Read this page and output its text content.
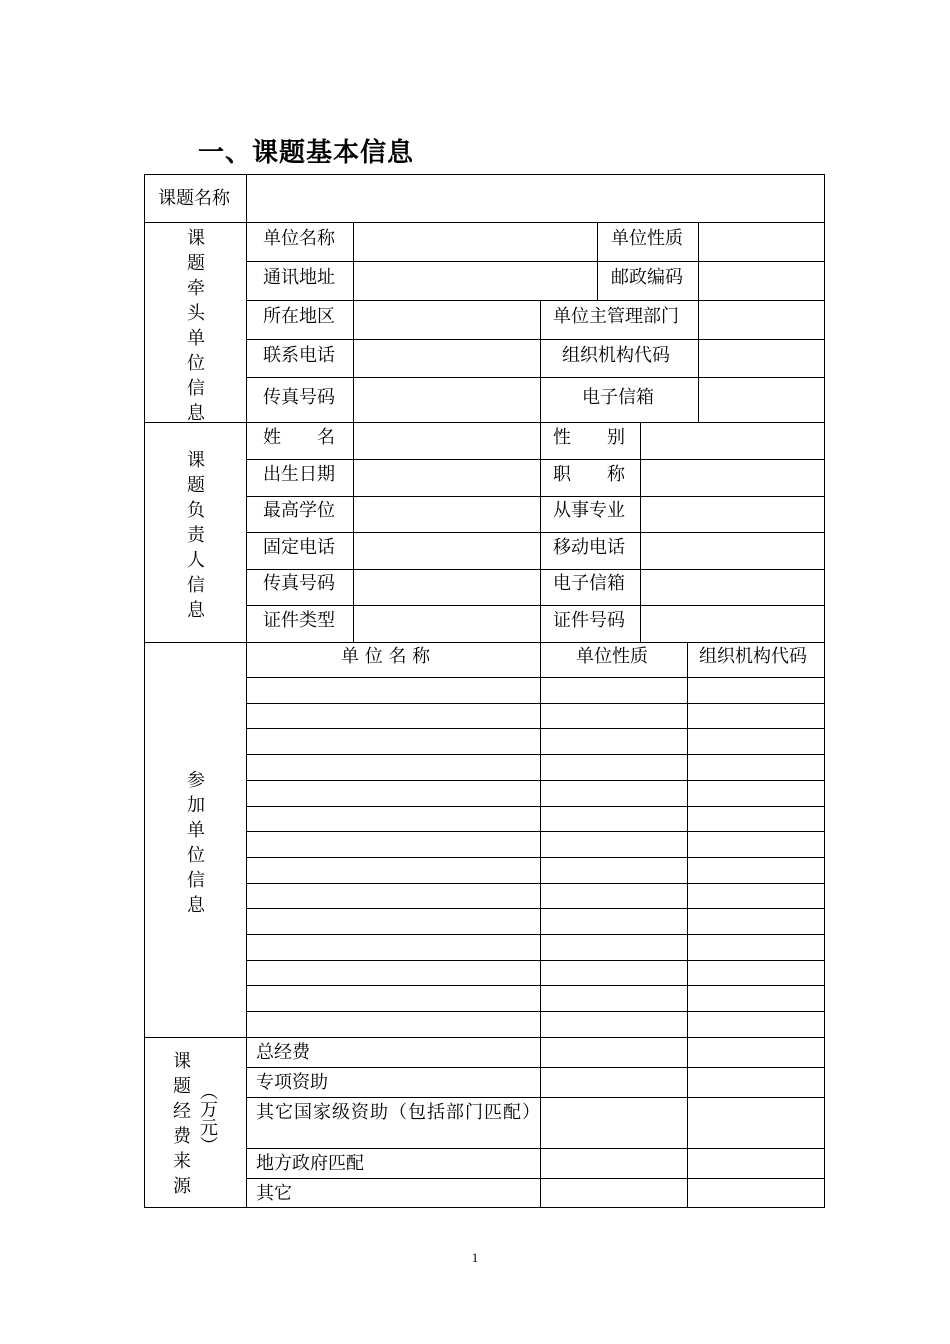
一、课题基本信息
课题名称
课
题
牵
头
单
位
信
息
单位名称	单位性质
通讯地址	邮政编码
所在地区	单位主管理部门
联系电话	组织机构代码
传真号码	电子信箱
课
题
负
责
人
信
息
姓　　名	性　　别
出生日期	职　　称
最高学位	从事专业
固定电话	移动电话
传真号码	电子信箱
证件类型	证件号码
参
加
单
位
信
息
单 位 名 称	单位性质	组织机构代码
课
题
经
费
来
源
（万元）
总经费
专项资助
其它国家级资助（包括部门匹配）
地方政府匹配
其它
1
